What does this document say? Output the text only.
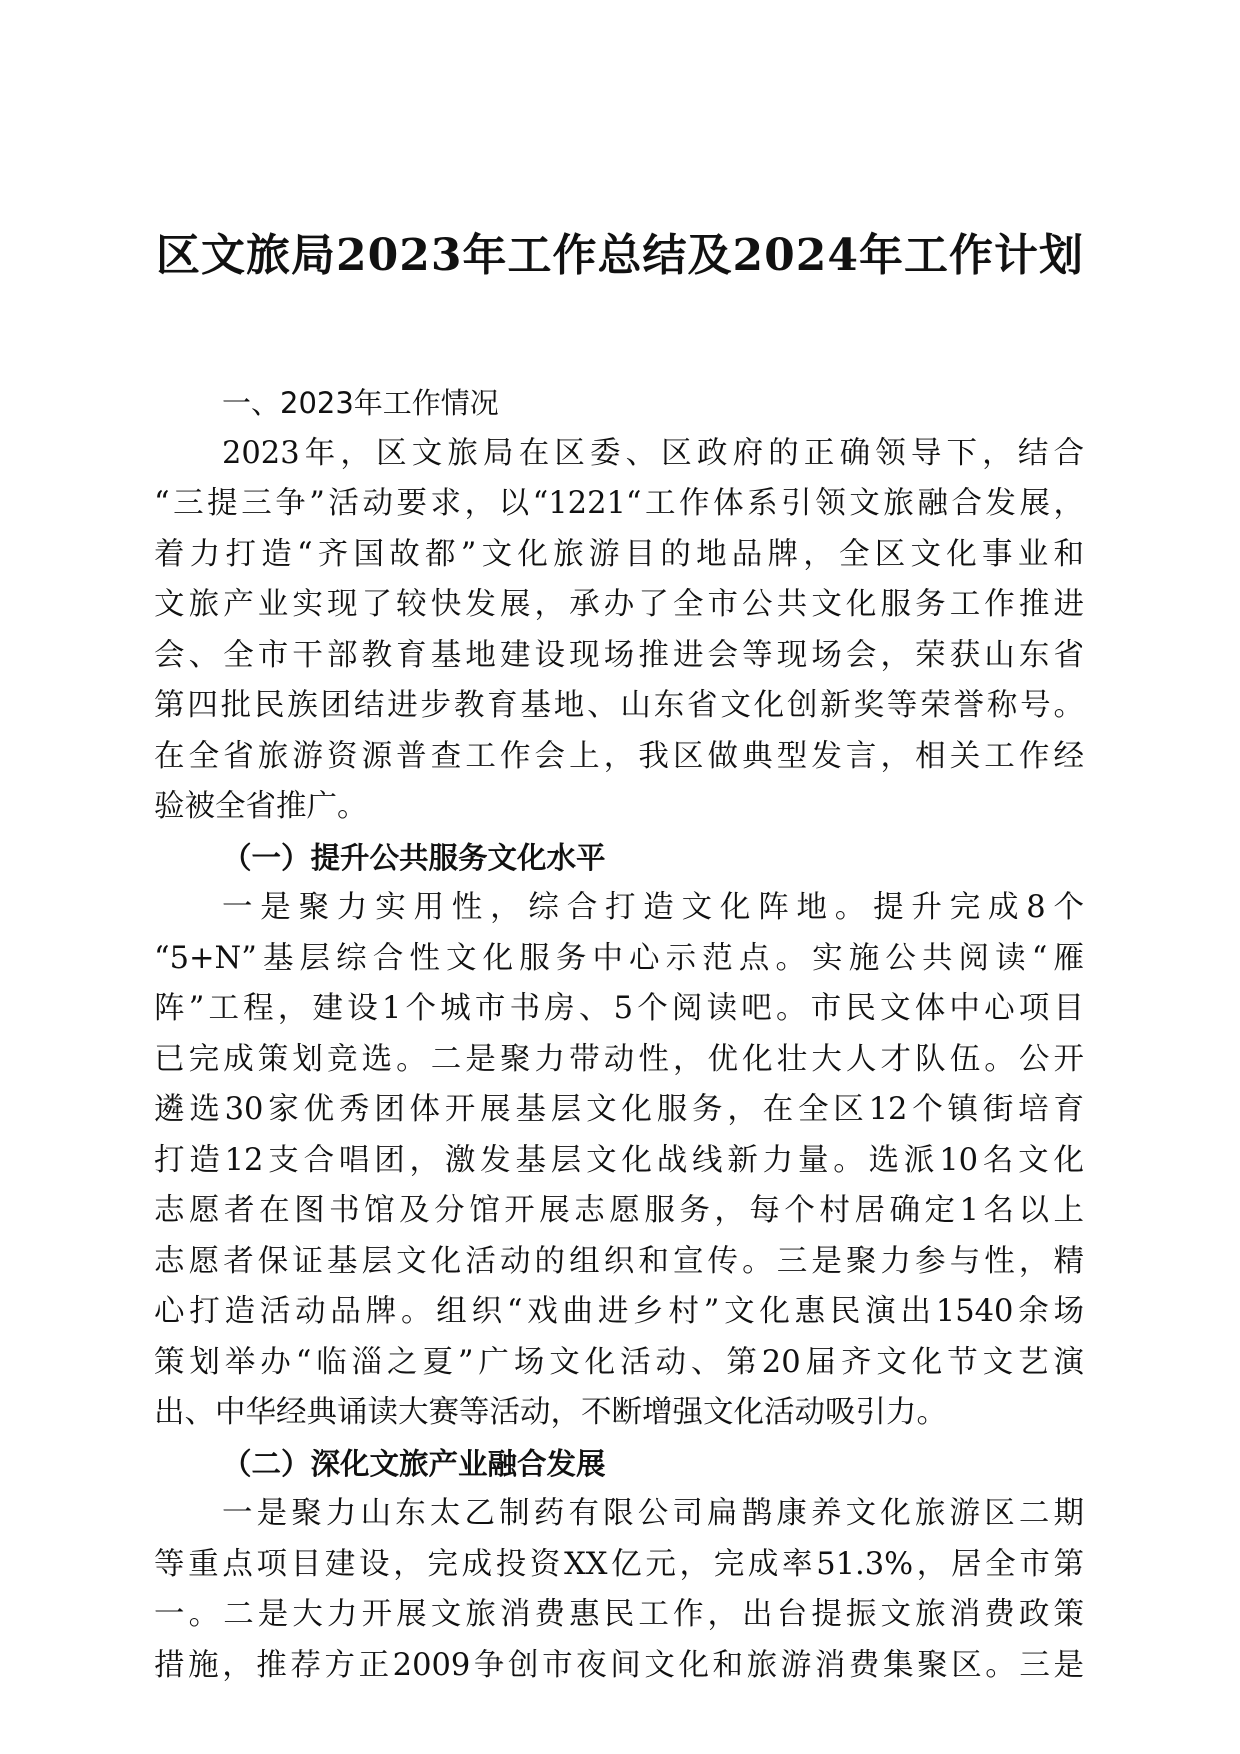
区文旅局2023年工作总结及2024年工作计划
一、2023年工作情况
2023年，区文旅局在区委、区政府的正确领导下，结合
“三提三争”活动要求，以“1221“工作体系引领文旅融合发展，
着力打造“齐国故都”文化旅游目的地品牌，全区文化事业和
文旅产业实现了较快发展，承办了全市公共文化服务工作推进
会、全市干部教育基地建设现场推进会等现场会，荣获山东省
第四批民族团结进步教育基地、山东省文化创新奖等荣誉称号。
在全省旅游资源普查工作会上，我区做典型发言，相关工作经
验被全省推广。
（一）提升公共服务文化水平
一是聚力实用性，综合打造文化阵地。提升完成8个
“5+N”基层综合性文化服务中心示范点。实施公共阅读“雁
阵”工程，建设1个城市书房、5个阅读吧。市民文体中心项目
已完成策划竞选。二是聚力带动性，优化壮大人才队伍。公开
遴选30家优秀团体开展基层文化服务，在全区12个镇街培育
打造12支合唱团，激发基层文化战线新力量。选派10名文化
志愿者在图书馆及分馆开展志愿服务，每个村居确定1名以上
志愿者保证基层文化活动的组织和宣传。三是聚力参与性，精
心打造活动品牌。组织“戏曲进乡村”文化惠民演出1540余场
策划举办“临淄之夏”广场文化活动、第20届齐文化节文艺演
出、中华经典诵读大赛等活动，不断增强文化活动吸引力。
（二）深化文旅产业融合发展
一是聚力山东太乙制药有限公司扁鹊康养文化旅游区二期
等重点项目建设，完成投资XX亿元，完成率51.3%，居全市第
一。二是大力开展文旅消费惠民工作，出台提振文旅消费政策
措施，推荐方正2009争创市夜间文化和旅游消费集聚区。三是
